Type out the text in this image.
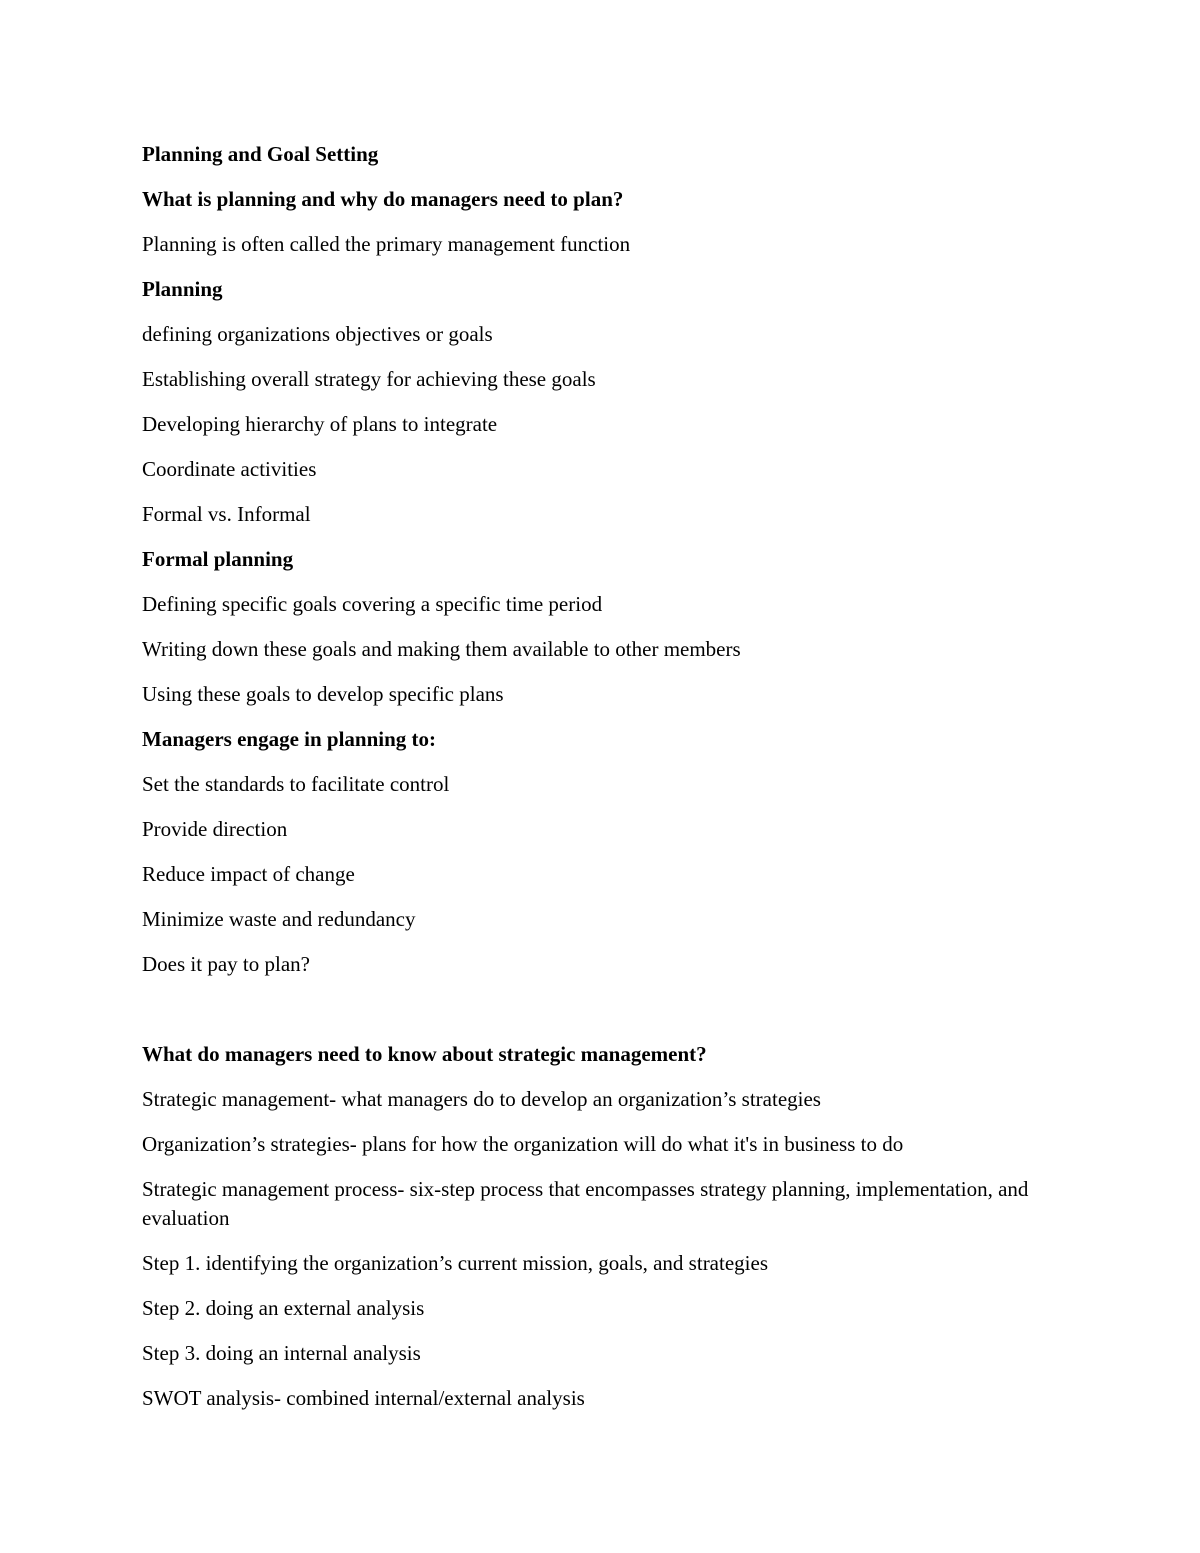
Planning and Goal Setting

What is planning and why do managers need to plan?

Planning is often called the primary management function

Planning

defining organizations objectives or goals

Establishing overall strategy for achieving these goals

Developing hierarchy of plans to integrate

Coordinate activities

Formal vs. Informal

Formal planning

Defining specific goals covering a specific time period

Writing down these goals and making them available to other members

Using these goals to develop specific plans

Managers engage in planning to:

Set the standards to facilitate control

Provide direction

Reduce impact of change

Minimize waste and redundancy

Does it pay to plan?

What do managers need to know about strategic management?

Strategic management- what managers do to develop an organization’s strategies

Organization’s strategies- plans for how the organization will do what it's in business to do

Strategic management process- six-step process that encompasses strategy planning, implementation, and evaluation

Step 1. identifying the organization’s current mission, goals, and strategies

Step 2. doing an external analysis

Step 3. doing an internal analysis

SWOT analysis- combined internal/external analysis
